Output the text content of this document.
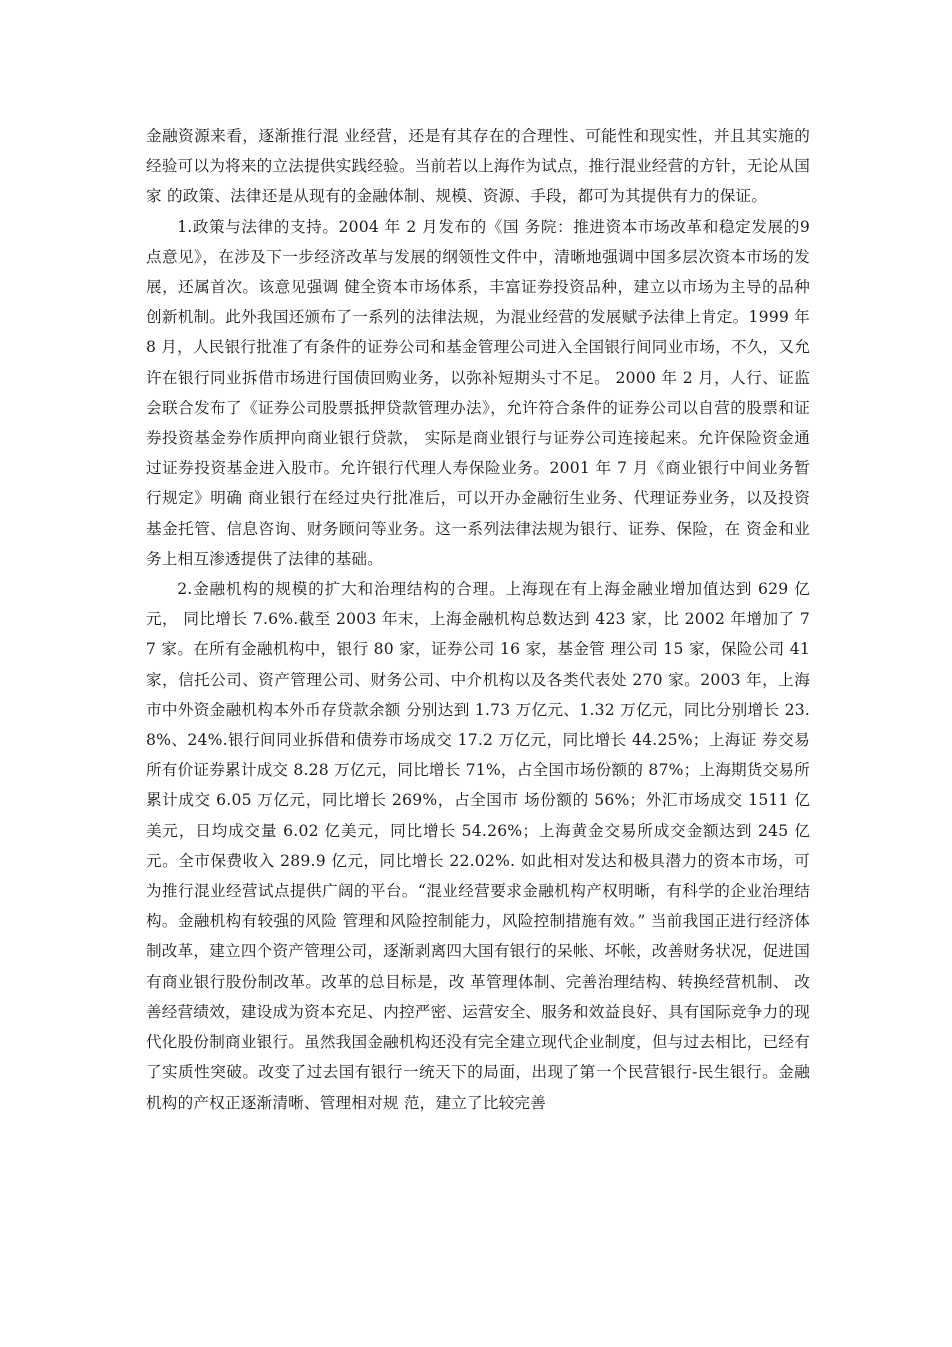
金融资源来看，逐渐推行混 业经营，还是有其存在的合理性、可能性和现实性，并且其实施的经验可以为将来的立法提供实践经验。当前若以上海作为试点，推行混业经营的方针，无论从国家 的政策、法律还是从现有的金融体制、规模、资源、手段，都可为其提供有力的保证。

1.政策与法律的支持。2004 年 2 月发布的《国 务院：推进资本市场改革和稳定发展的9 点意见》，在涉及下一步经济改革与发展的纲领性文件中，清晰地强调中国多层次资本市场的发展，还属首次。该意见强调 健全资本市场体系，丰富证券投资品种，建立以市场为主导的品种创新机制。此外我国还颁布了一系列的法律法规，为混业经营的发展赋予法律上肯定。1999 年 8 月，人民银行批准了有条件的证券公司和基金管理公司进入全国银行间同业市场，不久，又允许在银行同业拆借市场进行国债回购业务，以弥补短期头寸不足。 2000 年 2 月，人行、证监会联合发布了《证券公司股票抵押贷款管理办法》，允许符合条件的证券公司以自营的股票和证券投资基金券作质押向商业银行贷款， 实际是商业银行与证券公司连接起来。允许保险资金通过证券投资基金进入股市。允许银行代理人寿保险业务。2001 年 7 月《商业银行中间业务暂行规定》明确 商业银行在经过央行批准后，可以开办金融衍生业务、代理证券业务，以及投资基金托管、信息咨询、财务顾问等业务。这一系列法律法规为银行、证券、保险，在 资金和业务上相互渗透提供了法律的基础。

2.金融机构的规模的扩大和治理结构的合理。上海现在有上海金融业增加值达到 629 亿元， 同比增长 7.6%.截至 2003 年末，上海金融机构总数达到 423 家，比 2002 年增加了 77 家。在所有金融机构中，银行 80 家，证券公司 16 家，基金管 理公司 15 家，保险公司 41 家，信托公司、资产管理公司、财务公司、中介机构以及各类代表处 270 家。2003 年，上海市中外资金融机构本外币存贷款余额 分别达到 1.73 万亿元、1.32 万亿元，同比分别增长 23.8%、24%.银行间同业拆借和债券市场成交 17.2 万亿元，同比增长 44.25%；上海证 券交易所有价证券累计成交 8.28 万亿元，同比增长 71%，占全国市场份额的 87%；上海期货交易所累计成交 6.05 万亿元，同比增长 269%，占全国市 场份额的 56%；外汇市场成交 1511 亿美元，日均成交量 6.02 亿美元，同比增长 54.26%；上海黄金交易所成交金额达到 245 亿元。全市保费收入 289.9 亿元，同比增长 22.02%. 如此相对发达和极具潜力的资本市场，可为推行混业经营试点提供广阔的平台。“混业经营要求金融机构产权明晰，有科学的企业治理结构。金融机构有较强的风险 管理和风险控制能力，风险控制措施有效。” 当前我国正进行经济体制改革，建立四个资产管理公司，逐渐剥离四大国有银行的呆帐、坏帐，改善财务状况，促进国有商业银行股份制改革。改革的总目标是，改 革管理体制、完善治理结构、转换经营机制、 改善经营绩效，建设成为资本充足、内控严密、运营安全、服务和效益良好、具有国际竞争力的现代化股份制商业银行。虽然我国金融机构还没有完全建立现代企业制度，但与过去相比，已经有了实质性突破。改变了过去国有银行一统天下的局面，出现了第一个民营银行-民生银行。金融机构的产权正逐渐清晰、管理相对规 范，建立了比较完善
